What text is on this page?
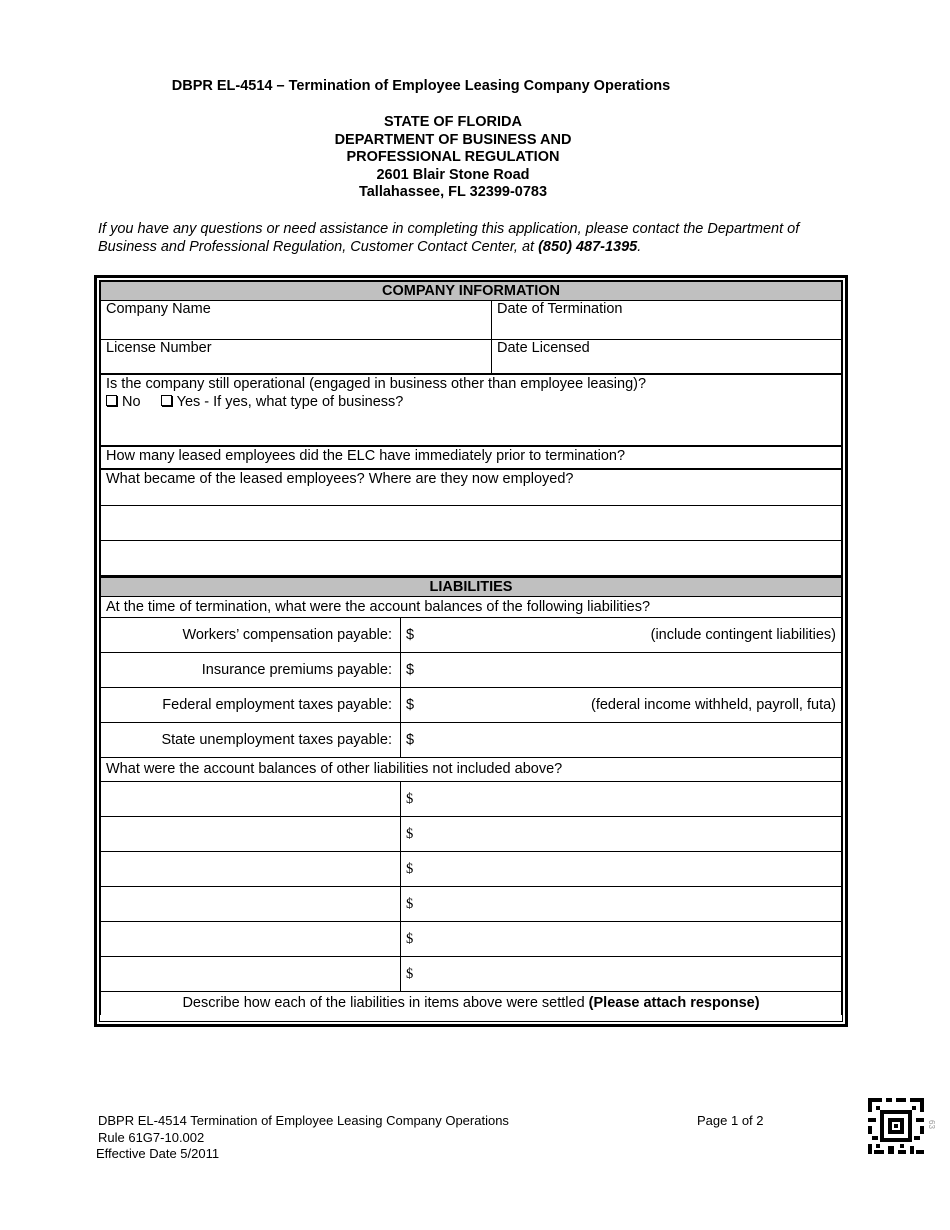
DBPR EL-4514 – Termination of Employee Leasing Company Operations
STATE OF FLORIDA
DEPARTMENT OF BUSINESS AND
PROFESSIONAL REGULATION
2601 Blair Stone Road
Tallahassee, FL 32399-0783
If you have any questions or need assistance in completing this application, please contact the Department of Business and Professional Regulation, Customer Contact Center, at (850) 487-1395.
COMPANY INFORMATION	
Company Name	Date of Termination
License Number	Date Licensed

Is the company still operational (engaged in business other than employee leasing)?
No Yes - If yes, what type of business?	

How many leased employees did the ELC have immediately prior to termination?	
What became of the leased employees? Where are they now employed?	

LIABILITIES	
At the time of termination, what were the account balances of the following liabilities?	
Workers’ compensation payable:	$ (include contingent liabilities)

Insurance premiums payable:	$

Federal employment taxes payable:	$ (federal income withheld, payroll, futa)

State unemployment taxes payable:	$

What were the account balances of other liabilities not included above?	
	$
	$
	$
	$
	$
	$
Describe how each of the liabilities in items above were settled (Please attach response)	
DBPR EL-4514 Termination of Employee Leasing Company Operations
Rule 61G7-10.002
Effective Date 5/2011
Page 1 of 2	63
